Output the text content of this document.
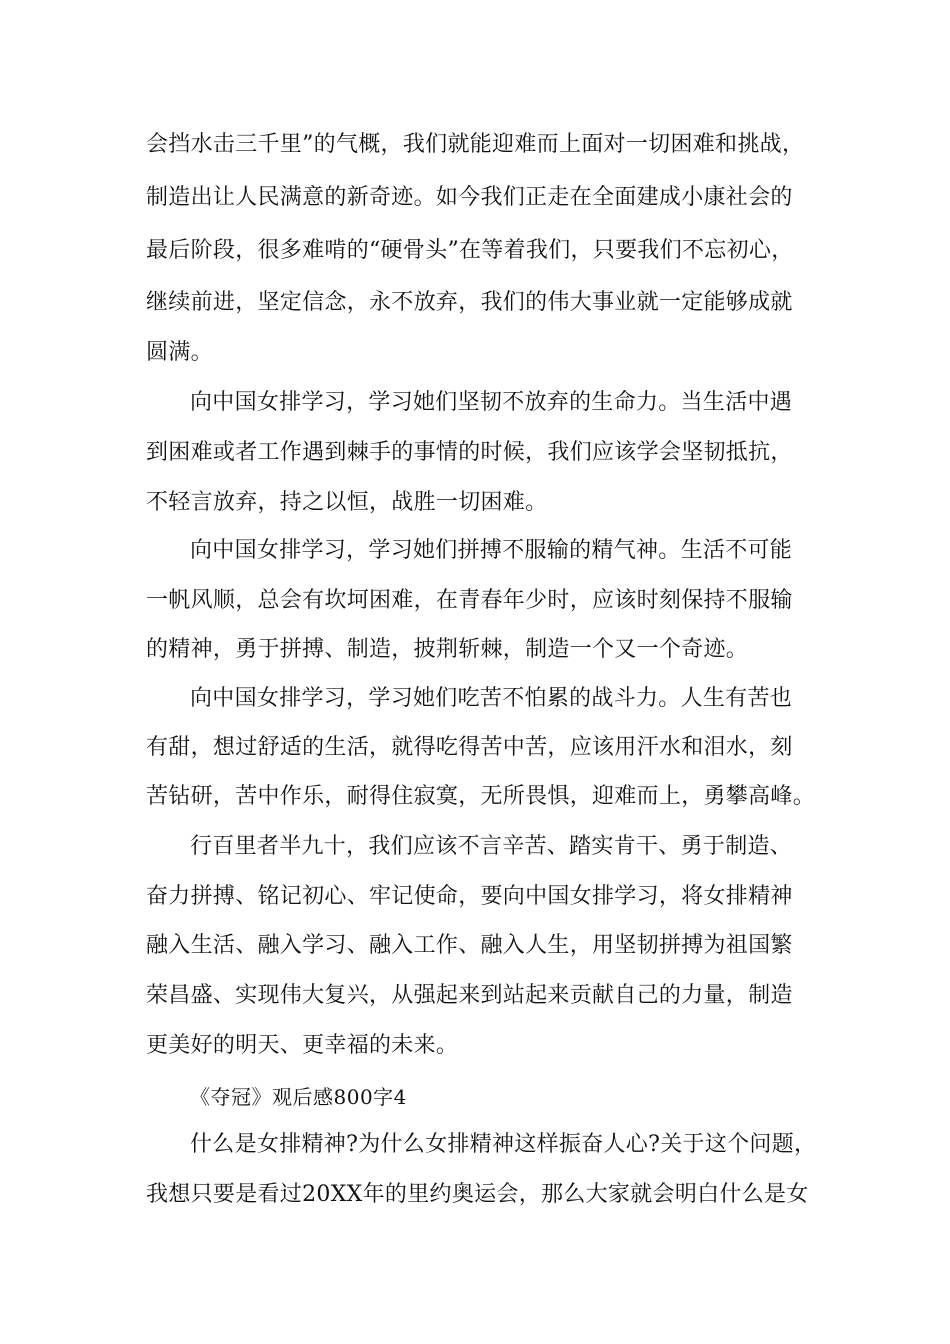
会挡水击三千里”的气概，我们就能迎难而上面对一切困难和挑战，
制造出让人民满意的新奇迹。如今我们正走在全面建成小康社会的
最后阶段，很多难啃的“硬骨头”在等着我们，只要我们不忘初心，
继续前进，坚定信念，永不放弃，我们的伟大事业就一定能够成就
圆满。
向中国女排学习，学习她们坚韧不放弃的生命力。当生活中遇
到困难或者工作遇到棘手的事情的时候，我们应该学会坚韧抵抗，
不轻言放弃，持之以恒，战胜一切困难。
向中国女排学习，学习她们拼搏不服输的精气神。生活不可能
一帆风顺，总会有坎坷困难，在青春年少时，应该时刻保持不服输
的精神，勇于拼搏、制造，披荆斩棘，制造一个又一个奇迹。
向中国女排学习，学习她们吃苦不怕累的战斗力。人生有苦也
有甜，想过舒适的生活，就得吃得苦中苦，应该用汗水和泪水，刻
苦钻研，苦中作乐，耐得住寂寞，无所畏惧，迎难而上，勇攀高峰。
行百里者半九十，我们应该不言辛苦、踏实肯干、勇于制造、
奋力拼搏、铭记初心、牢记使命，要向中国女排学习，将女排精神
融入生活、融入学习、融入工作、融入人生，用坚韧拼搏为祖国繁
荣昌盛、实现伟大复兴，从强起来到站起来贡献自己的力量，制造
更美好的明天、更幸福的未来。
《夺冠》观后感800字4
什么是女排精神?为什么女排精神这样振奋人心?关于这个问题，
我想只要是看过20XX年的里约奥运会，那么大家就会明白什么是女
